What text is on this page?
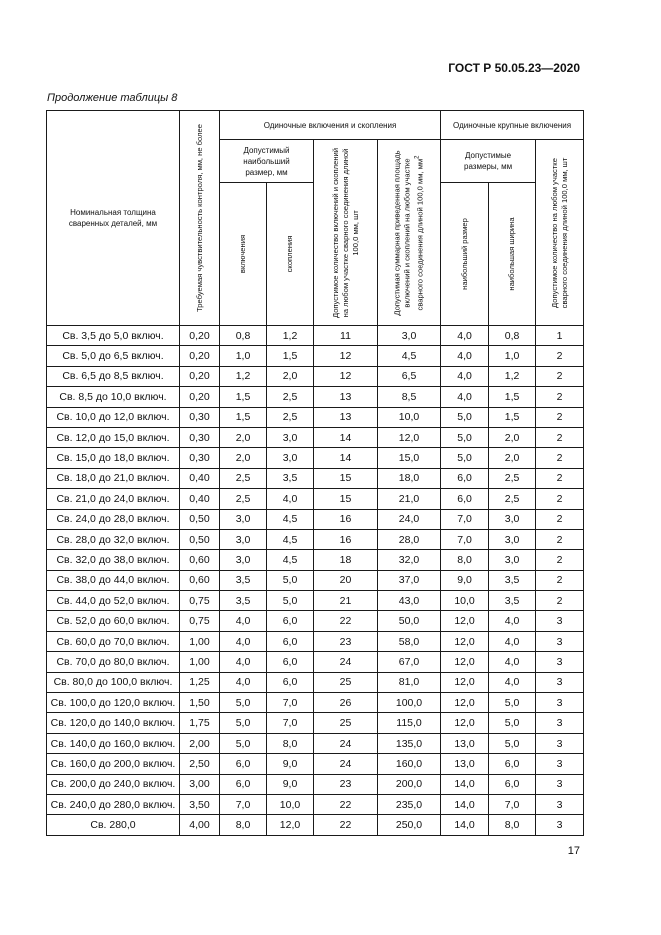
ГОСТ Р 50.05.23—2020
Продолжение таблицы 8
Номинальная толщина сваренных деталей, мм	Требуемая чувствительность контроля, мм, не более	Одиночные включения и скопления				Одиночные крупные включения		
		Допустимый наибольший размер, мм		Допустимое количество включений и скоплений на любом участке сварного соединения длиной 100,0 мм, шт	Допустимая суммарная приведенная площадь включений и скоплений на любом участке сварного соединения длиной 100,0 мм, $мм^2$	Допустимые размеры, мм		Допустимое количество на любом участке сварного соединения длиной 100,0 мм, шт

		включения	скопления			наибольший размер	наибольшая ширина	

Св. 3,5 до 5,0 включ.	0,20	0,8	1,2	11	3,0	4,0	0,8	1
Св. 5,0 до 6,5 включ.	0,20	1,0	1,5	12	4,5	4,0	1,0	2
Св. 6,5 до 8,5 включ.	0,20	1,2	2,0	12	6,5	4,0	1,2	2
Св. 8,5 до 10,0 включ.	0,20	1,5	2,5	13	8,5	4,0	1,5	2
Св. 10,0 до 12,0 включ.	0,30	1,5	2,5	13	10,0	5,0	1,5	2
Св. 12,0 до 15,0 включ.	0,30	2,0	3,0	14	12,0	5,0	2,0	2
Св. 15,0 до 18,0 включ.	0,30	2,0	3,0	14	15,0	5,0	2,0	2
Св. 18,0 до 21,0 включ.	0,40	2,5	3,5	15	18,0	6,0	2,5	2
Св. 21,0 до 24,0 включ.	0,40	2,5	4,0	15	21,0	6,0	2,5	2
Св. 24,0 до 28,0 включ.	0,50	3,0	4,5	16	24,0	7,0	3,0	2
Св. 28,0 до 32,0 включ.	0,50	3,0	4,5	16	28,0	7,0	3,0	2
Св. 32,0 до 38,0 включ.	0,60	3,0	4,5	18	32,0	8,0	3,0	2
Св. 38,0 до 44,0 включ.	0,60	3,5	5,0	20	37,0	9,0	3,5	2
Св. 44,0 до 52,0 включ.	0,75	3,5	5,0	21	43,0	10,0	3,5	2
Св. 52,0 до 60,0 включ.	0,75	4,0	6,0	22	50,0	12,0	4,0	3
Св. 60,0 до 70,0 включ.	1,00	4,0	6,0	23	58,0	12,0	4,0	3
Св. 70,0 до 80,0 включ.	1,00	4,0	6,0	24	67,0	12,0	4,0	3
Св. 80,0 до 100,0 включ.	1,25	4,0	6,0	25	81,0	12,0	4,0	3
Св. 100,0 до 120,0 включ.	1,50	5,0	7,0	26	100,0	12,0	5,0	3
Св. 120,0 до 140,0 включ.	1,75	5,0	7,0	25	115,0	12,0	5,0	3
Св. 140,0 до 160,0 включ.	2,00	5,0	8,0	24	135,0	13,0	5,0	3
Св. 160,0 до 200,0 включ.	2,50	6,0	9,0	24	160,0	13,0	6,0	3
Св. 200,0 до 240,0 включ.	3,00	6,0	9,0	23	200,0	14,0	6,0	3
Св. 240,0 до 280,0 включ.	3,50	7,0	10,0	22	235,0	14,0	7,0	3
Св. 280,0	4,00	8,0	12,0	22	250,0	14,0	8,0	3
17
